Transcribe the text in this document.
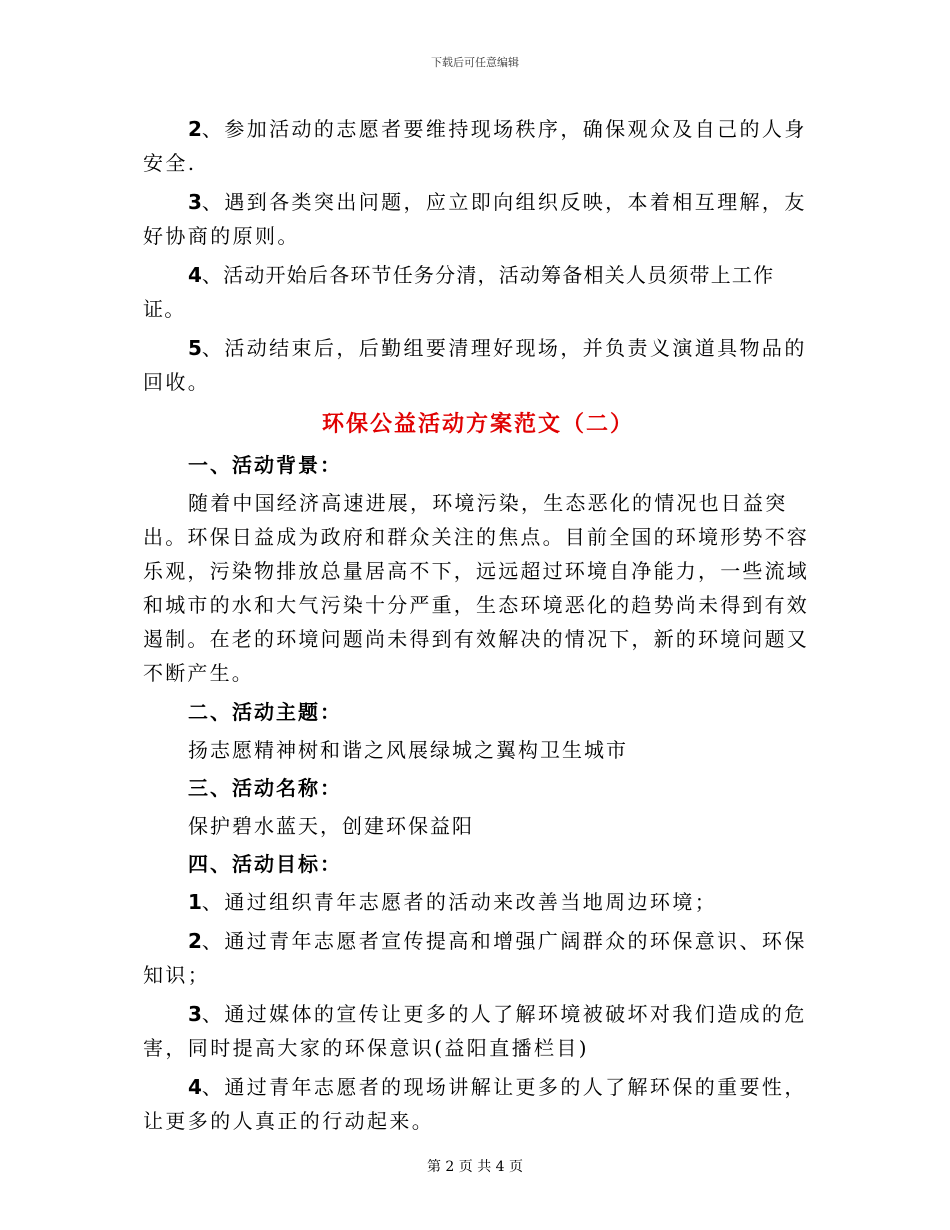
下载后可任意编辑

2、参加活动的志愿者要维持现场秩序，确保观众及自己的人身安全.

3、遇到各类突出问题，应立即向组织反映，本着相互理解，友好协商的原则。

4、活动开始后各环节任务分清，活动筹备相关人员须带上工作证。

5、活动结束后，后勤组要清理好现场，并负责义演道具物品的回收。

环保公益活动方案范文（二）
一、活动背景：

随着中国经济高速进展，环境污染，生态恶化的情况也日益突出。环保日益成为政府和群众关注的焦点。目前全国的环境形势不容乐观，污染物排放总量居高不下，远远超过环境自净能力，一些流域和城市的水和大气污染十分严重，生态环境恶化的趋势尚未得到有效遏制。在老的环境问题尚未得到有效解决的情况下，新的环境问题又不断产生。

二、活动主题：
扬志愿精神树和谐之风展绿城之翼构卫生城市
三、活动名称：
保护碧水蓝天，创建环保益阳
四、活动目标：

1、通过组织青年志愿者的活动来改善当地周边环境；

2、通过青年志愿者宣传提高和增强广阔群众的环保意识、环保知识；

3、通过媒体的宣传让更多的人了解环境被破坏对我们造成的危害，同时提高大家的环保意识(益阳直播栏目)

4、通过青年志愿者的现场讲解让更多的人了解环保的重要性，让更多的人真正的行动起来。

第 2 页 共 4 页
